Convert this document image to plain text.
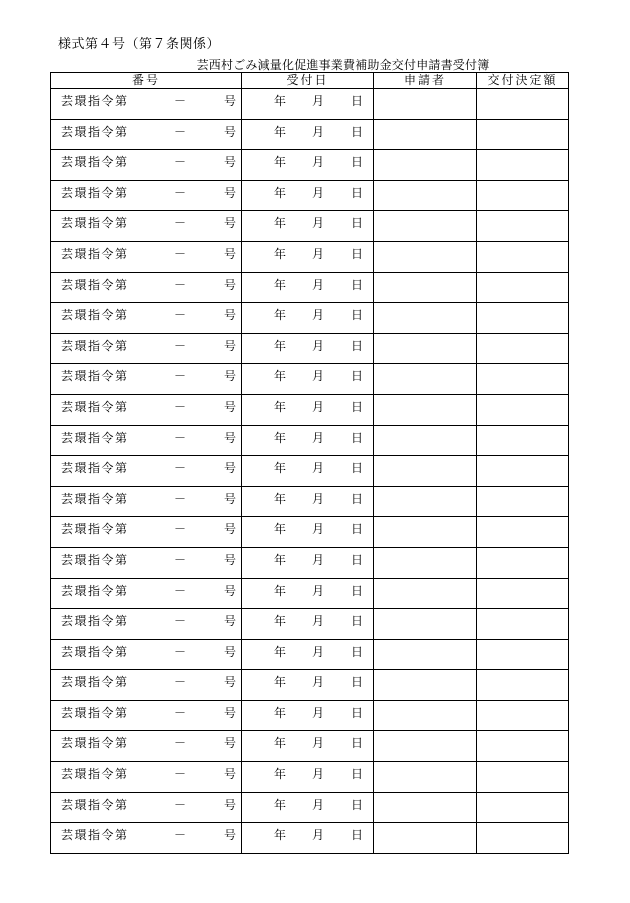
様式第４号（第７条関係）
芸西村ごみ減量化促進事業費補助金交付申請書受付簿
番号	受付日	申請者	交付決定額

芸環指令第 － 号	年 月 日		

芸環指令第 － 号	年 月 日		

芸環指令第 － 号	年 月 日		

芸環指令第 － 号	年 月 日		

芸環指令第 － 号	年 月 日		

芸環指令第 － 号	年 月 日		

芸環指令第 － 号	年 月 日		

芸環指令第 － 号	年 月 日		

芸環指令第 － 号	年 月 日		

芸環指令第 － 号	年 月 日		

芸環指令第 － 号	年 月 日		

芸環指令第 － 号	年 月 日		

芸環指令第 － 号	年 月 日		

芸環指令第 － 号	年 月 日		

芸環指令第 － 号	年 月 日		

芸環指令第 － 号	年 月 日		

芸環指令第 － 号	年 月 日		

芸環指令第 － 号	年 月 日		

芸環指令第 － 号	年 月 日		

芸環指令第 － 号	年 月 日		

芸環指令第 － 号	年 月 日		

芸環指令第 － 号	年 月 日		

芸環指令第 － 号	年 月 日		

芸環指令第 － 号	年 月 日		

芸環指令第 － 号	年 月 日		
